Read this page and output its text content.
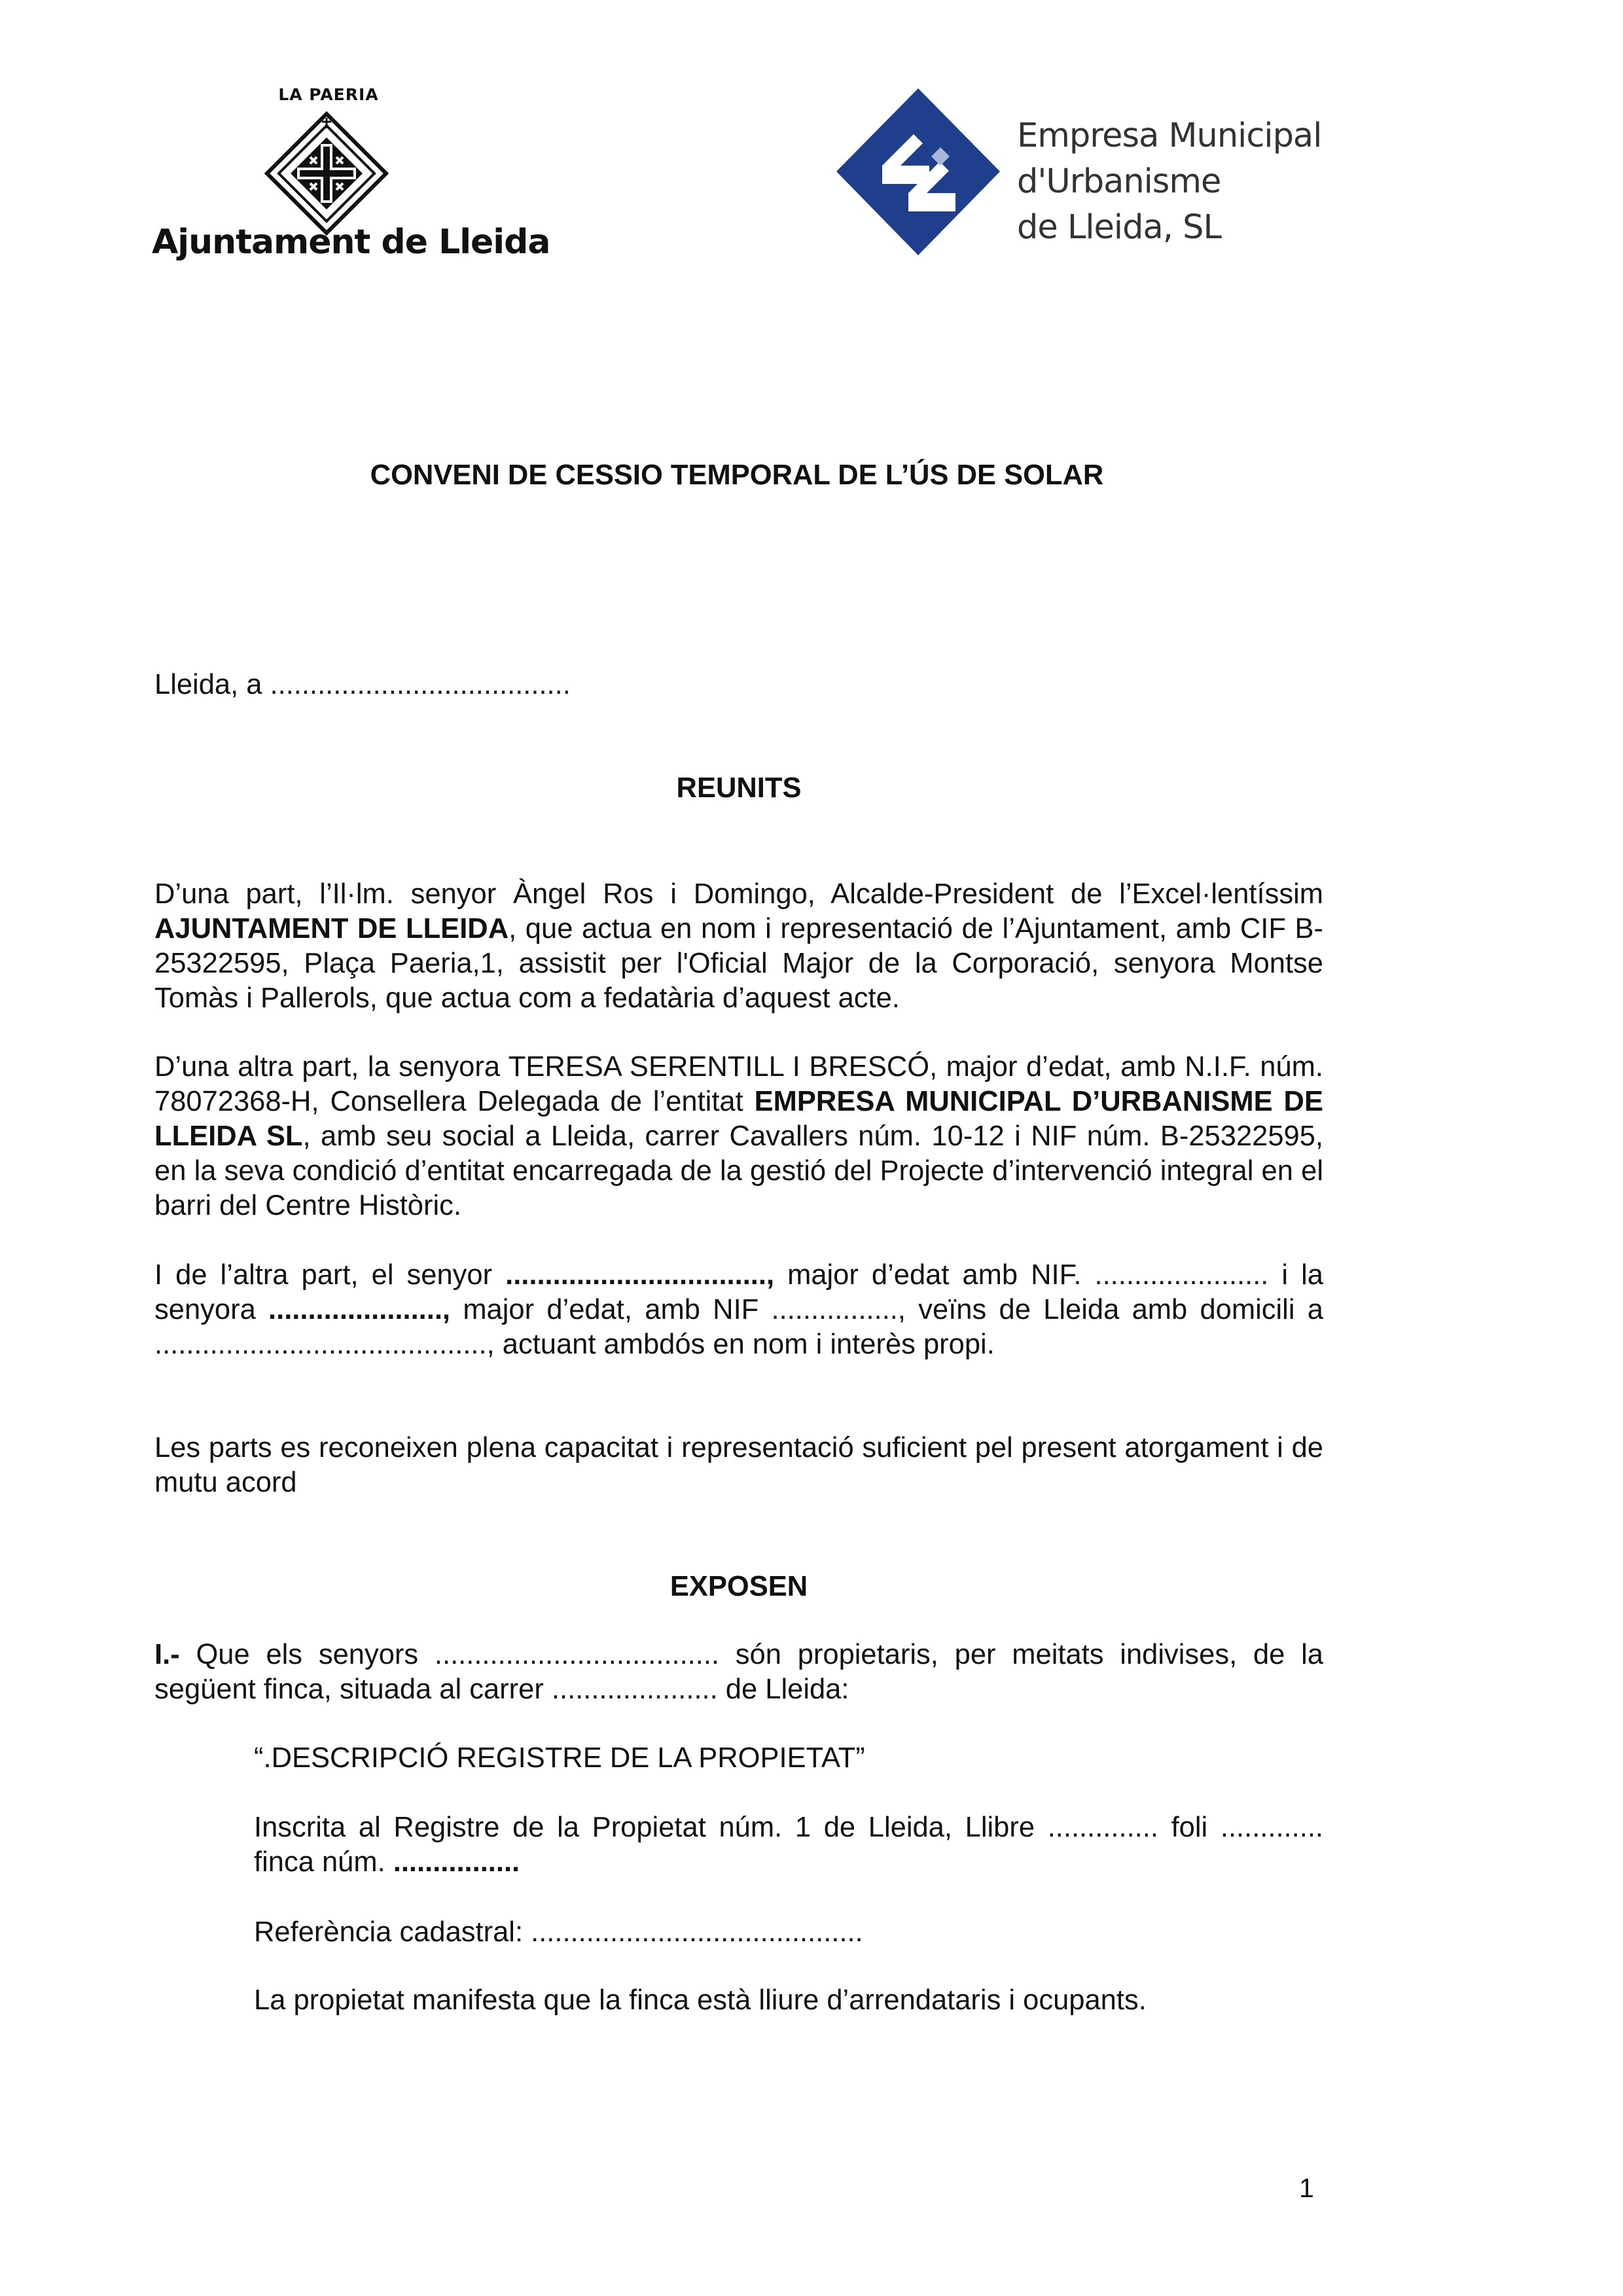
LA PAERIA
Ajuntament de Lleida
Empresa Municipal
d'Urbanisme
de Lleida, SL
CONVENI DE CESSIO TEMPORAL DE L’ÚS DE SOLAR
Lleida, a ......................................
REUNITS
D’una part, l’Il·lm. senyor Àngel Ros i Domingo, Alcalde-President de l’Excel·lentíssim AJUNTAMENT DE LLEIDA, que actua en nom i representació de l’Ajuntament, amb CIF B-25322595, Plaça Paeria,1, assistit per l'Oficial Major de la Corporació, senyora Montse Tomàs i Pallerols, que actua com a fedatària d’aquest acte.
D’una altra part, la senyora TERESA SERENTILL I BRESCÓ, major d’edat, amb N.I.F. núm. 78072368-H, Consellera Delegada de l’entitat EMPRESA MUNICIPAL D’URBANISME DE LLEIDA SL, amb seu social a Lleida, carrer Cavallers núm. 10-12 i NIF núm. B-25322595, en la seva condició d’entitat encarregada de la gestió del Projecte d’intervenció integral en el barri del Centre Històric.
I de l’altra part, el senyor ................................., major d’edat amb NIF. ...................... i la senyora ......................, major d’edat, amb NIF ................, veïns de Lleida amb domicili a .........................................., actuant ambdós en nom i interès propi.
Les parts es reconeixen plena capacitat i representació suficient pel present atorgament i de mutu acord
EXPOSEN
I.- Que els senyors .................................... són propietaris, per meitats indivises, de la següent finca, situada al carrer ..................... de Lleida:
“.DESCRIPCIÓ REGISTRE DE LA PROPIETAT”
Inscrita al Registre de la Propietat núm. 1 de Lleida, Llibre .............. foli ............. finca núm. ................
Referència cadastral: ..........................................
La propietat manifesta que la finca està lliure d’arrendataris i ocupants.
1
